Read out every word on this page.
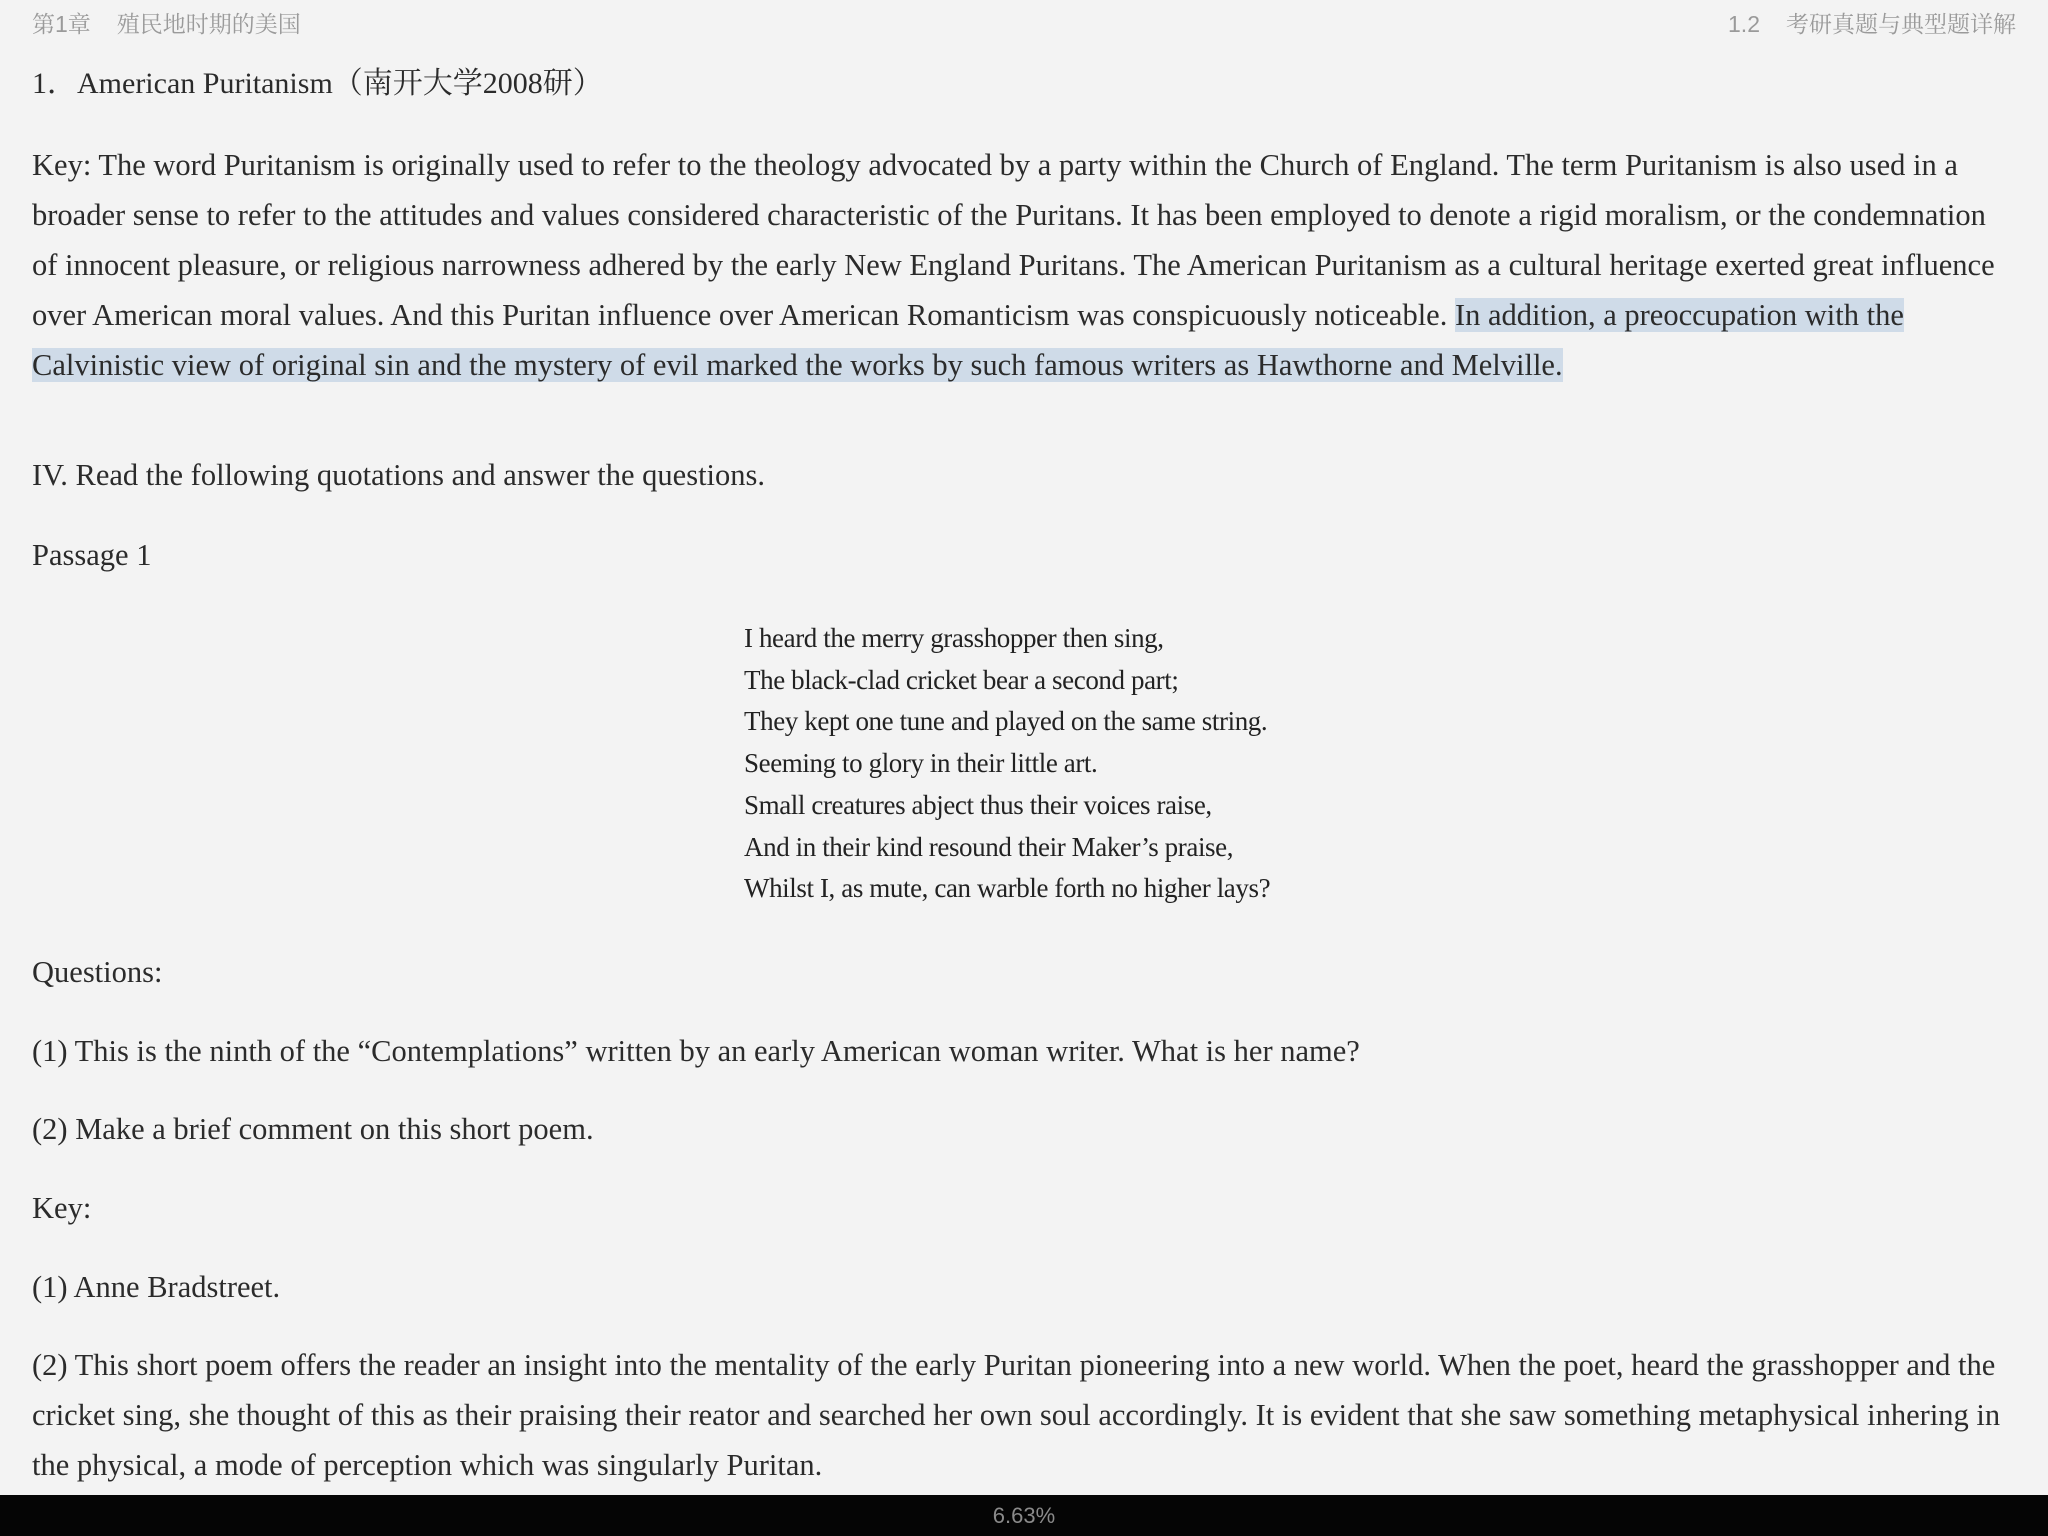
第1章 殖民地时期的美国	1.2 考研真题与典型题详解
1．American Puritanism（南开大学2008研）

Key: The word Puritanism is originally used to refer to the theology advocated by a party within the Church of England. The term Puritanism is also used in a broader sense to refer to the attitudes and values considered characteristic of the Puritans. It has been employed to denote a rigid moralism, or the condemnation of innocent pleasure, or religious narrowness adhered by the early New England Puritans. The American Puritanism as a cultural heritage exerted great influence over American moral values. And this Puritan influence over American Romanticism was conspicuously noticeable. In addition, a preoccupation with the Calvinistic view of original sin and the mystery of evil marked the works by such famous writers as Hawthorne and Melville.

IV. Read the following quotations and answer the questions.

Passage 1

I heard the merry grasshopper then sing,
The black-clad cricket bear a second part;
They kept one tune and played on the same string.
Seeming to glory in their little art.
Small creatures abject thus their voices raise,
And in their kind resound their Maker’s praise,
Whilst I, as mute, can warble forth no higher lays?

Questions:

(1) This is the ninth of the “Contemplations” written by an early American woman writer. What is her name?

(2) Make a brief comment on this short poem.

Key:

(1) Anne Bradstreet.

(2) This short poem offers the reader an insight into the mentality of the early Puritan pioneering into a new world. When the poet, heard the grasshopper and the cricket sing, she thought of this as their praising their reator and searched her own soul accordingly. It is evident that she saw something metaphysical inhering in the physical, a mode of perception which was singularly Puritan.

6.63%
